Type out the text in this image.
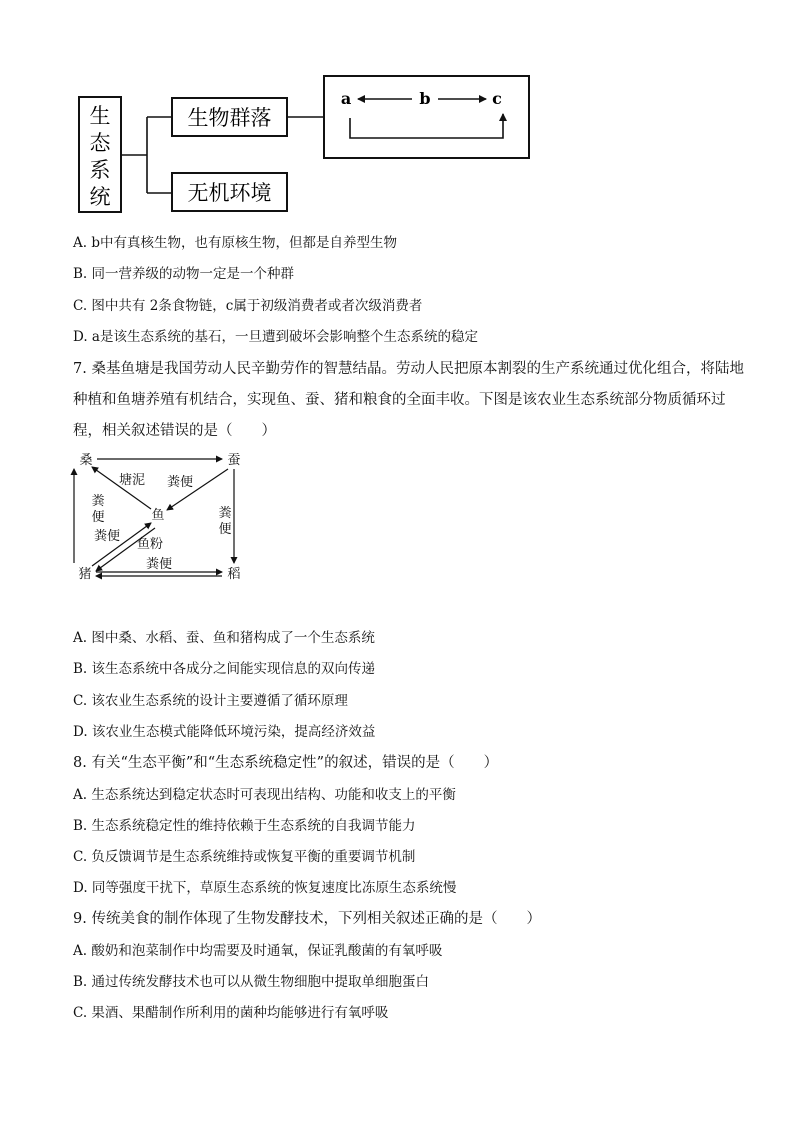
生
态
系
统
生物群落
无机环境
a	b	c
A. b中有真核生物，也有原核生物，但都是自养型生物
B. 同一营养级的动物一定是一个种群
C. 图中共有 2条食物链，c属于初级消费者或者次级消费者
D. a是该生态系统的基石，一旦遭到破坏会影响整个生态系统的稳定
7. 桑基鱼塘是我国劳动人民辛勤劳作的智慧结晶。劳动人民把原本割裂的生产系统通过优化组合，将陆地
种植和鱼塘养殖有机结合，实现鱼、蚕、猪和粮食的全面丰收。下图是该农业生态系统部分物质循环过
程，相关叙述错误的是（　　）
桑	蚕
鱼
猪	稻
塘泥 粪便
粪
便	粪
便
粪便
鱼粉
粪便
A. 图中桑、水稻、蚕、鱼和猪构成了一个生态系统
B. 该生态系统中各成分之间能实现信息的双向传递
C. 该农业生态系统的设计主要遵循了循环原理
D. 该农业生态模式能降低环境污染，提高经济效益
8. 有关“生态平衡”和“生态系统稳定性”的叙述，错误的是（　　）
A. 生态系统达到稳定状态时可表现出结构、功能和收支上的平衡
B. 生态系统稳定性的维持依赖于生态系统的自我调节能力
C. 负反馈调节是生态系统维持或恢复平衡的重要调节机制
D. 同等强度干扰下，草原生态系统的恢复速度比冻原生态系统慢
9. 传统美食的制作体现了生物发酵技术，下列相关叙述正确的是（　　）
A. 酸奶和泡菜制作中均需要及时通氧，保证乳酸菌的有氧呼吸
B. 通过传统发酵技术也可以从微生物细胞中提取单细胞蛋白
C. 果酒、果醋制作所利用的菌种均能够进行有氧呼吸
